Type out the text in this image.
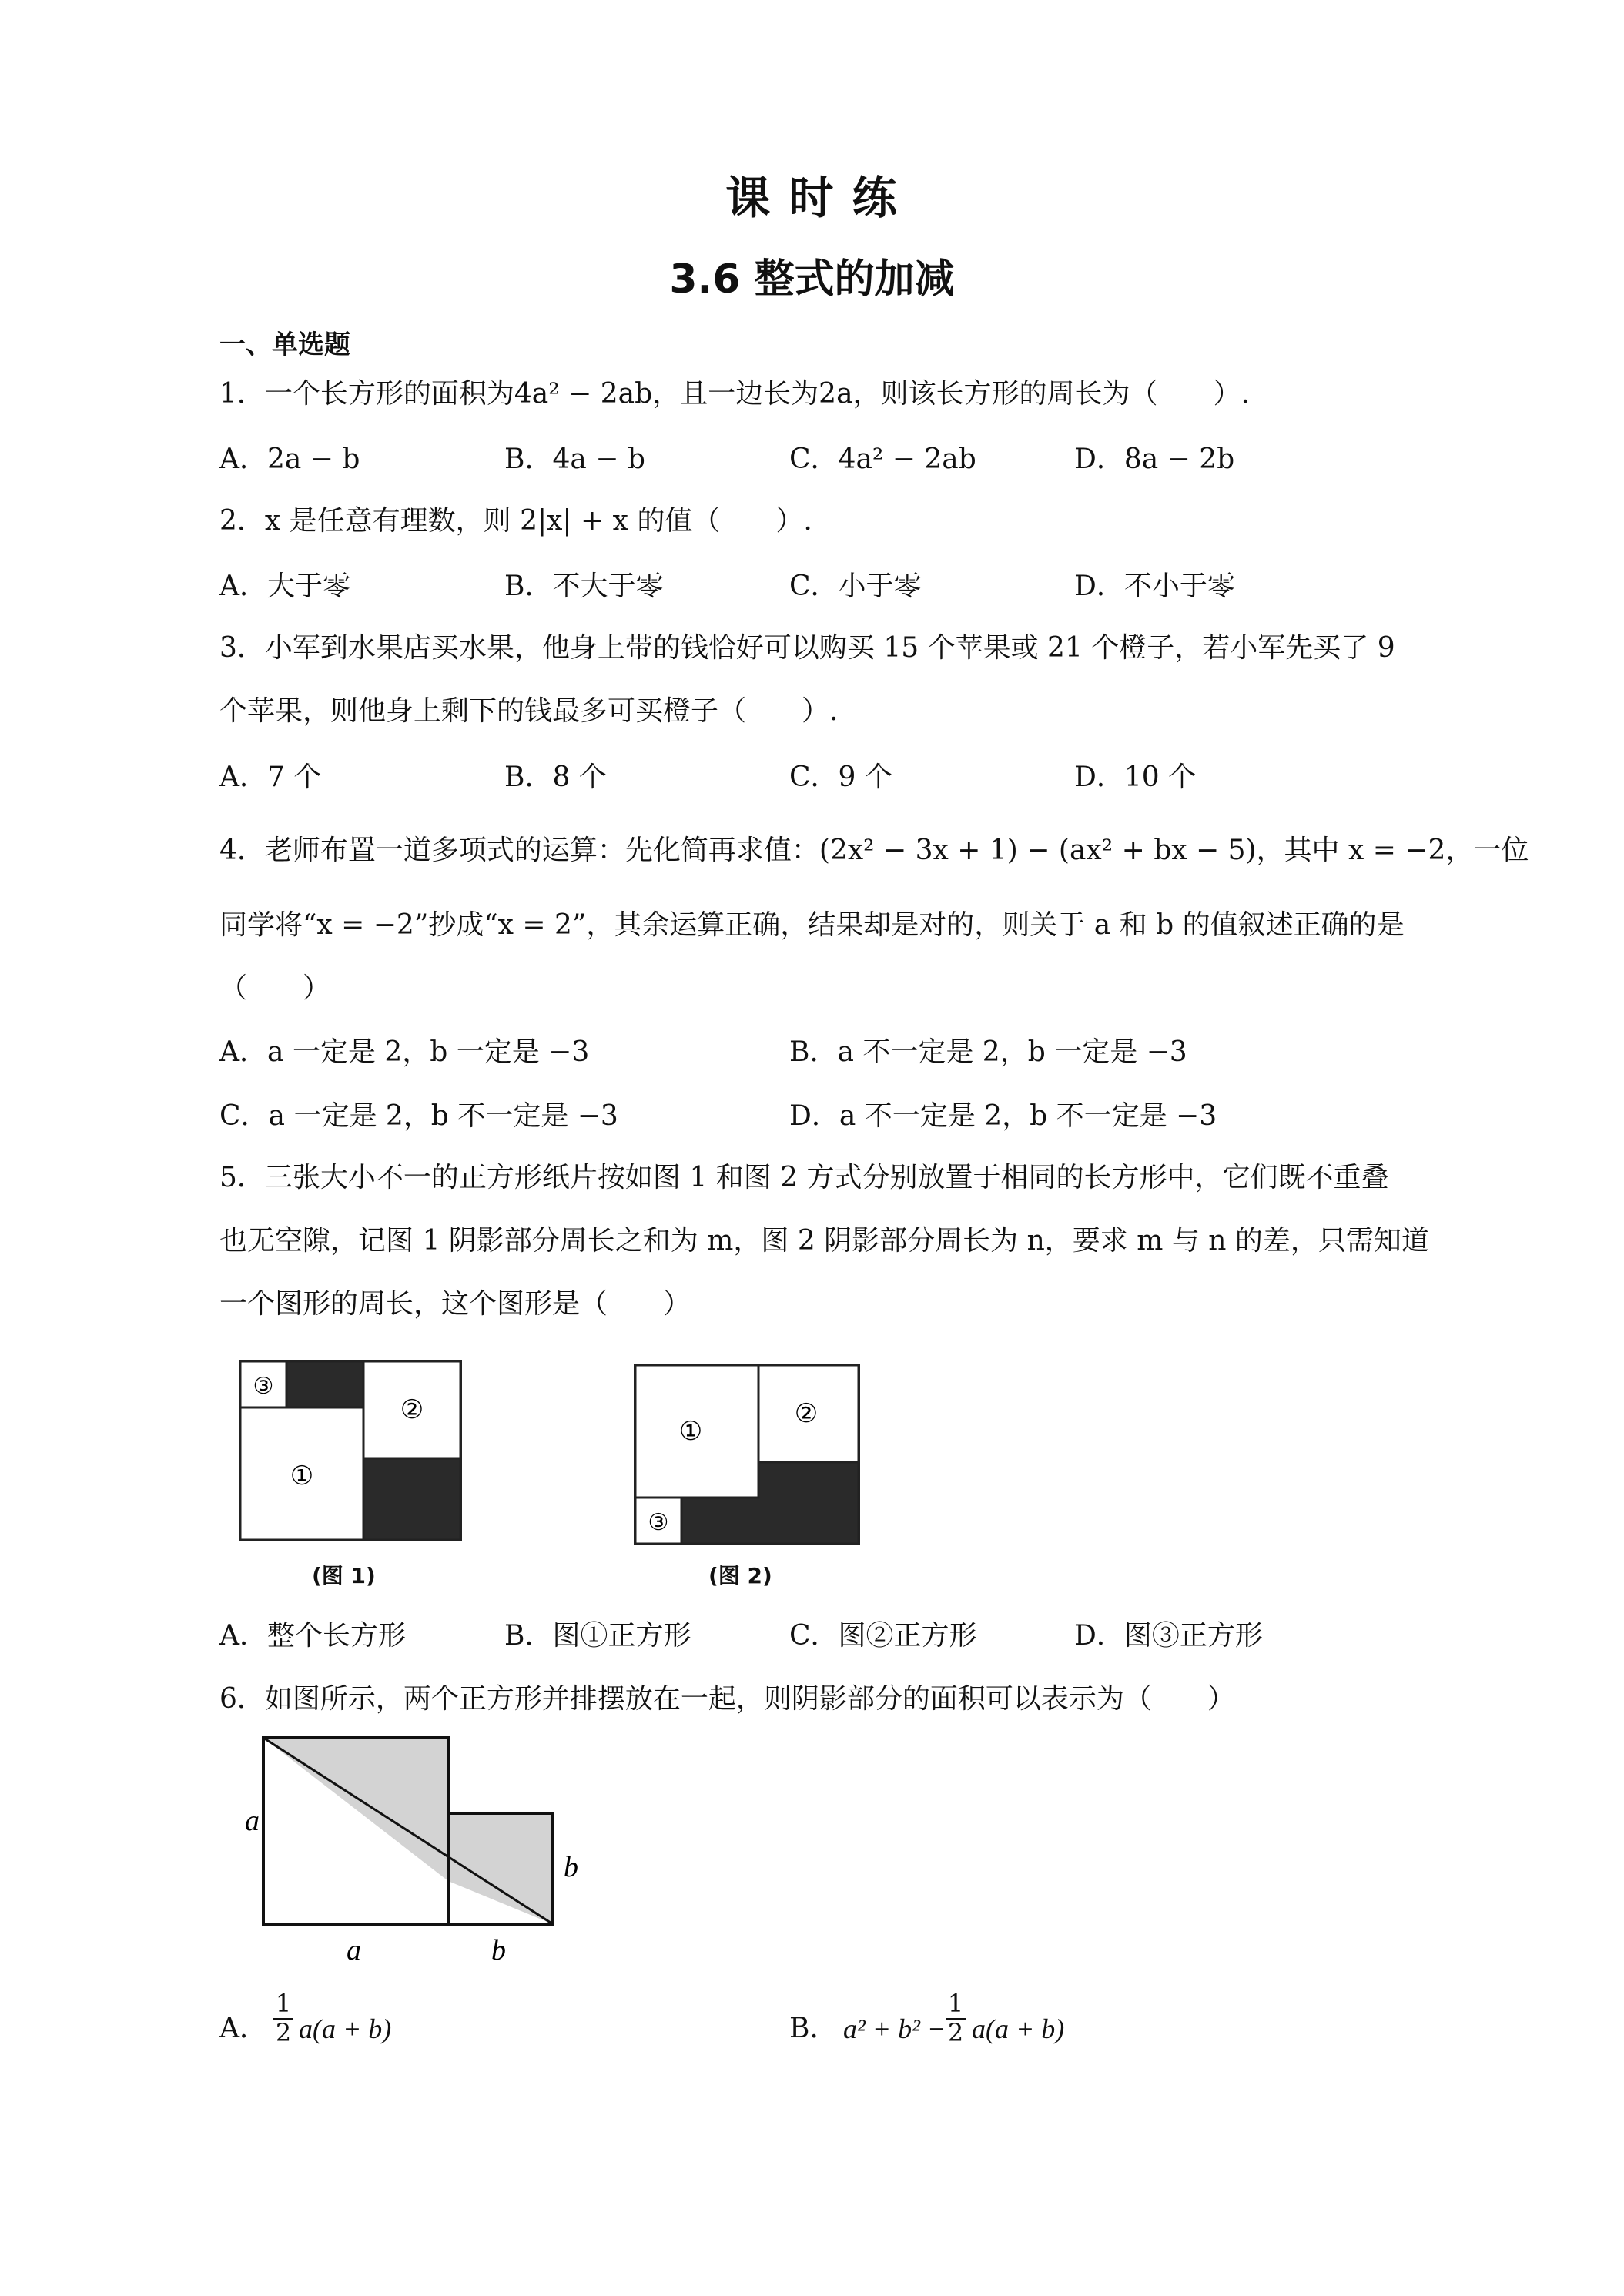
课 时 练
3.6 整式的加减
一、单选题
1．一个长方形的面积为4a² − 2ab，且一边长为2a，则该长方形的周长为（　　）.
A．2a − b	B．4a − b	C．4a² − 2ab	D．8a − 2b
2．x 是任意有理数，则 2|x| + x 的值（　　）.
A．大于零	B．不大于零	C．小于零	D．不小于零
3．小军到水果店买水果，他身上带的钱恰好可以购买 15 个苹果或 21 个橙子，若小军先买了 9
个苹果，则他身上剩下的钱最多可买橙子（　　）.
A．7 个	B．8 个	C．9 个	D．10 个
4．老师布置一道多项式的运算：先化简再求值：(2x² − 3x + 1) − (ax² + bx − 5)，其中 x = −2，一位
同学将“x = −2”抄成“x = 2”，其余运算正确，结果却是对的，则关于 a 和 b 的值叙述正确的是
（　　）
A．a 一定是 2，b 一定是 −3	B．a 不一定是 2，b 一定是 −3
C．a 一定是 2，b 不一定是 −3	D．a 不一定是 2，b 不一定是 −3
5．三张大小不一的正方形纸片按如图 1 和图 2 方式分别放置于相同的长方形中，它们既不重叠
也无空隙，记图 1 阴影部分周长之和为 m，图 2 阴影部分周长为 n，要求 m 与 n 的差，只需知道
一个图形的周长，这个图形是（　　）
③
②
①
(图 1)
①
②
③
(图 2)
A．整个长方形	B．图①正方形	C．图②正方形	D．图③正方形
6．如图所示，两个正方形并排摆放在一起，则阴影部分的面积可以表示为（　　）
a
b
a	b
A． $\frac{1}{2} a(a + b)$	B． $a^2 + b^2 - \frac{1}{2} a(a + b)$
